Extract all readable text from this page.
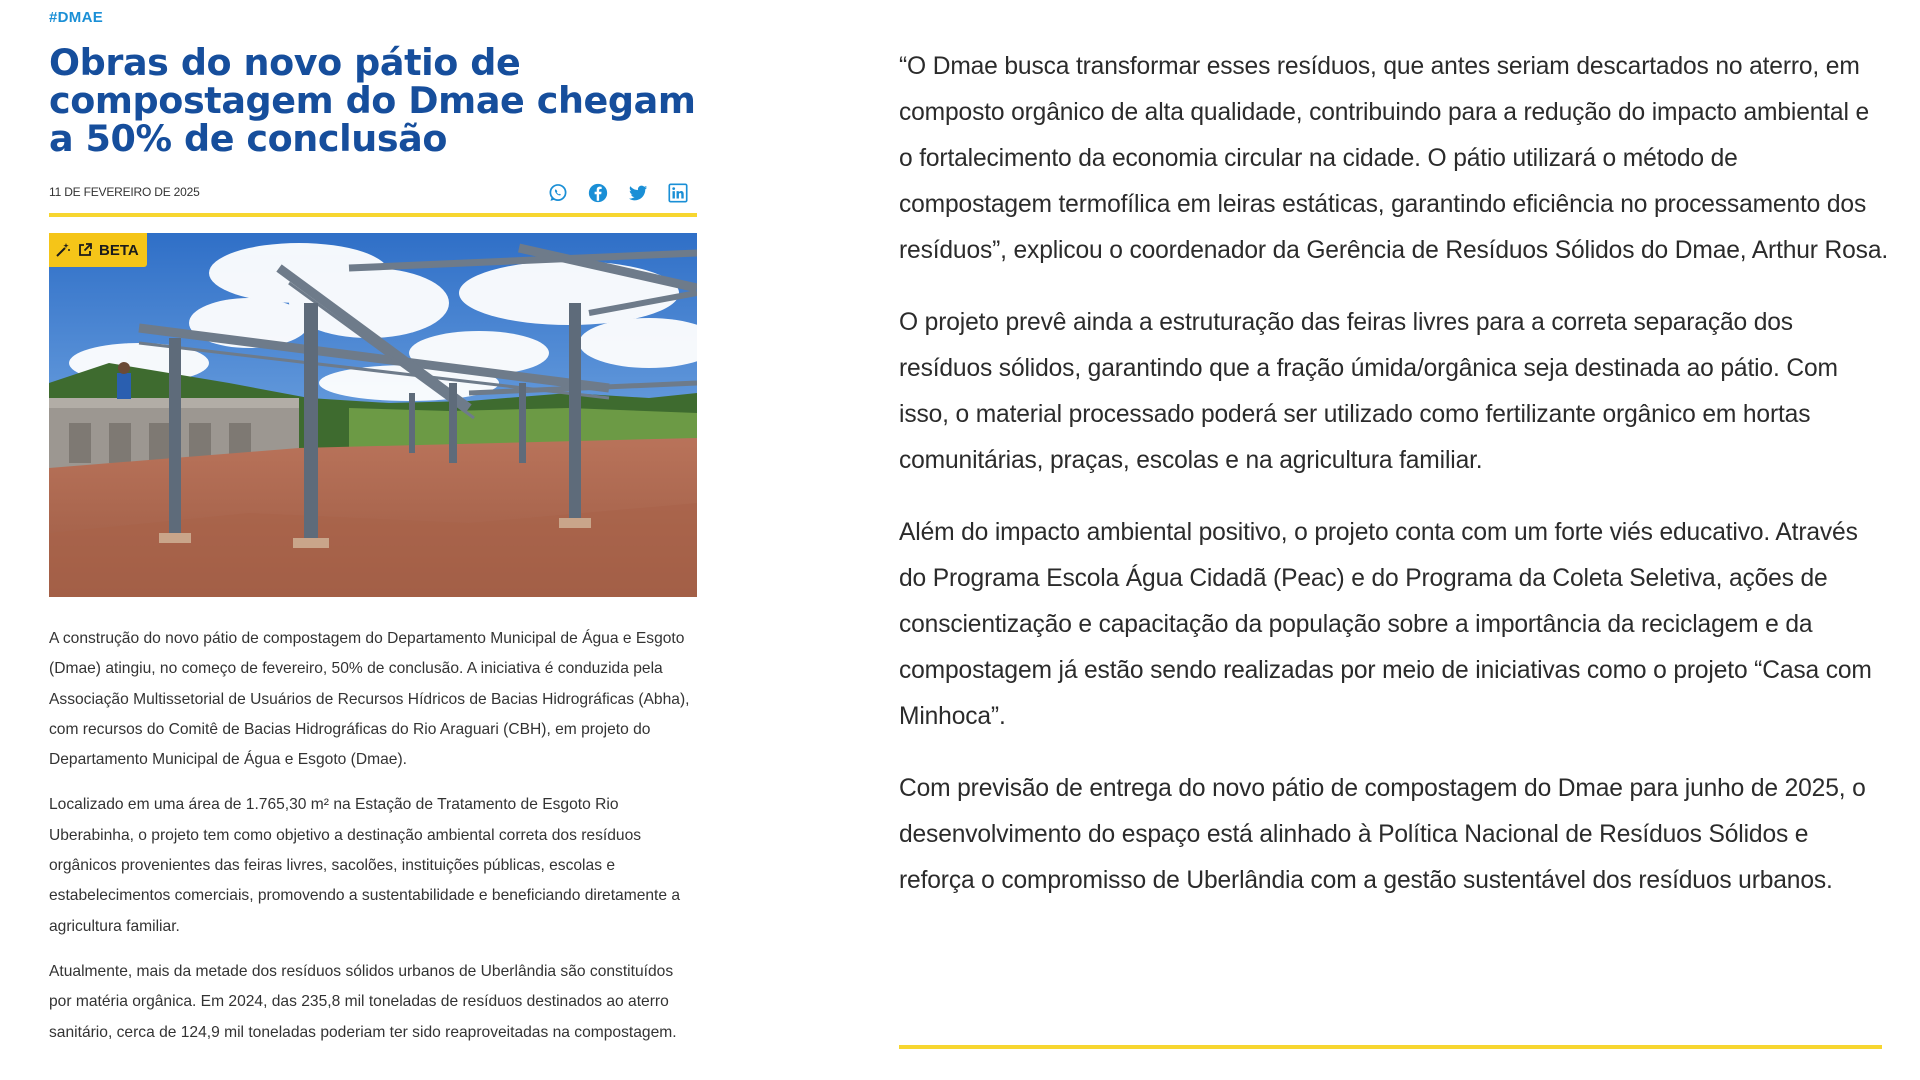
#DMAE
Obras do novo pátio de compostagem do Dmae chegam a 50% de conclusão
11 DE FEVEREIRO DE 2025
BETA

A construção do novo pátio de compostagem do Departamento Municipal de Água e Esgoto (Dmae) atingiu, no começo de fevereiro, 50% de conclusão. A iniciativa é conduzida pela Associação Multissetorial de Usuários de Recursos Hídricos de Bacias Hidrográficas (Abha), com recursos do Comitê de Bacias Hidrográficas do Rio Araguari (CBH), em projeto do Departamento Municipal de Água e Esgoto (Dmae).

Localizado em uma área de 1.765,30 m² na Estação de Tratamento de Esgoto Rio Uberabinha, o projeto tem como objetivo a destinação ambiental correta dos resíduos orgânicos provenientes das feiras livres, sacolões, instituições públicas, escolas e estabelecimentos comerciais, promovendo a sustentabilidade e beneficiando diretamente a agricultura familiar.

Atualmente, mais da metade dos resíduos sólidos urbanos de Uberlândia são constituídos por matéria orgânica. Em 2024, das 235,8 mil toneladas de resíduos destinados ao aterro sanitário, cerca de 124,9 mil toneladas poderiam ter sido reaproveitadas na compostagem.

“O Dmae busca transformar esses resíduos, que antes seriam descartados no aterro, em composto orgânico de alta qualidade, contribuindo para a redução do impacto ambiental e o fortalecimento da economia circular na cidade. O pátio utilizará o método de compostagem termofílica em leiras estáticas, garantindo eficiência no processamento dos resíduos”, explicou o coordenador da Gerência de Resíduos Sólidos do Dmae, Arthur Rosa.

O projeto prevê ainda a estruturação das feiras livres para a correta separação dos resíduos sólidos, garantindo que a fração úmida/orgânica seja destinada ao pátio. Com isso, o material processado poderá ser utilizado como fertilizante orgânico em hortas comunitárias, praças, escolas e na agricultura familiar.

Além do impacto ambiental positivo, o projeto conta com um forte viés educativo. Através do Programa Escola Água Cidadã (Peac) e do Programa da Coleta Seletiva, ações de conscientização e capacitação da população sobre a importância da reciclagem e da compostagem já estão sendo realizadas por meio de iniciativas como o projeto “Casa com Minhoca”.

Com previsão de entrega do novo pátio de compostagem do Dmae para junho de 2025, o desenvolvimento do espaço está alinhado à Política Nacional de Resíduos Sólidos e reforça o compromisso de Uberlândia com a gestão sustentável dos resíduos urbanos.
